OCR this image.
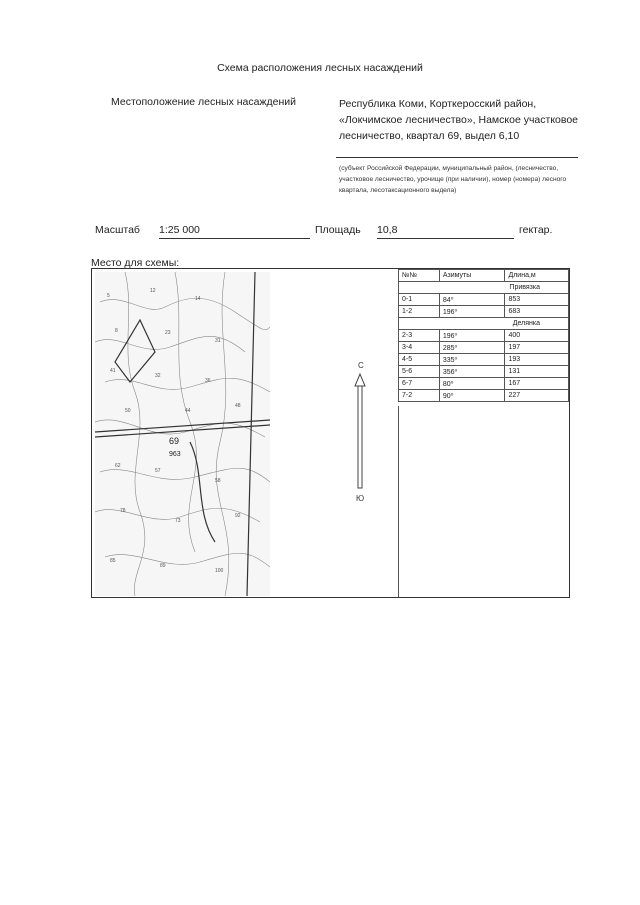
Схема расположения лесных насаждений
Местоположение лесных насаждений	Республика Коми, Корткеросский район, «Локчимское лесничество», Намское участковое лесничество, квартал 69, выдел 6,10
(субъект Российской Федерации, муниципальный район, (лесничество, участковое лесничество, урочище (при наличии), номер (номера) лесного квартала, лесотаксационного выдела)
Масштаб 1:25 000	Площадь 10,8	гектар.
Место для схемы:
5
12
14
8	23
31
41
32
36
50	44
48
62
57
58
78
73
92
85
89
100
69
963
С
Ю
№№	Азимуты	Длина,м
Привязка		
0-1	84⁰	853
1-2	196⁰	683
Делянка		
2-3	196⁰	400
3-4	285⁰	197
4-5	335⁰	193
5-6	356⁰	131
6-7	80⁰	167
7-2	90⁰	227
